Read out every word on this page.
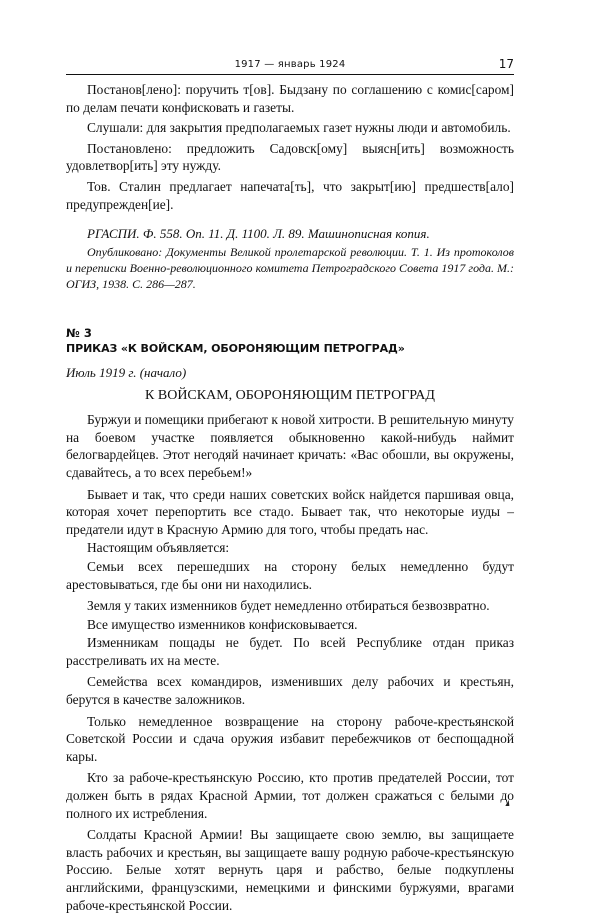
1917 — январь 1924	17

Постанов[лено]: поручить т[ов]. Быдзану по соглашению с комис[саром] по делам печати конфисковать и газеты.

Слушали: для закрытия предполагаемых газет нужны люди и автомобиль.

Постановлено: предложить Садовск[ому] выясн[ить] возможность удовлетвор[ить] эту нужду.

Тов. Сталин предлагает напечата[ть], что закрыт[ию] предшеств[ало] предупрежден[ие].

РГАСПИ. Ф. 558. Оп. 11. Д. 1100. Л. 89. Машинописная копия.

Опубликовано: Документы Великой пролетарской революции. Т. 1. Из протоколов и переписки Военно-революционного комитета Петроградского Совета 1917 года. М.: ОГИЗ, 1938. С. 286—287.

№ 3
ПРИКАЗ «К ВОЙСКАМ, ОБОРОНЯЮЩИМ ПЕТРОГРАД»
Июль 1919 г. (начало)
К ВОЙСКАМ, ОБОРОНЯЮЩИМ ПЕТРОГРАД

Буржуи и помещики прибегают к новой хитрости. В решительную минуту на боевом участке появляется обыкновенно какой-нибудь наймит белогвардейцев. Этот негодяй начинает кричать: «Вас обошли, вы окружены, сдавайтесь, а то всех перебьем!»

Бывает и так, что среди наших советских войск найдется паршивая овца, которая хочет перепортить все стадо. Бывает так, что некоторые иуды – предатели идут в Красную Армию для того, чтобы предать нас.

Настоящим объявляется:

Семьи всех перешедших на сторону белых немедленно будут арестовываться, где бы они ни находились.

Земля у таких изменников будет немедленно отбираться безвозвратно.

Все имущество изменников конфисковывается.

Изменникам пощады не будет. По всей Республике отдан приказ расстреливать их на месте.

Семейства всех командиров, изменивших делу рабочих и крестьян, берутся в качестве заложников.

Только немедленное возвращение на сторону рабоче-крестьянской Советской России и сдача оружия избавит перебежчиков от беспощадной кары.

Кто за рабоче-крестьянскую Россию, кто против предателей России, тот должен быть в рядах Красной Армии, тот должен сражаться с белыми до полного их истребления.

Солдаты Красной Армии! Вы защищаете свою землю, вы защищаете власть рабочих и крестьян, вы защищаете вашу родную рабоче-крестьянскую Россию. Белые хотят вернуть царя и рабство, белые подкуплены английскими, французскими, немецкими и финскими буржуями, врагами рабоче-крестьянской России.
